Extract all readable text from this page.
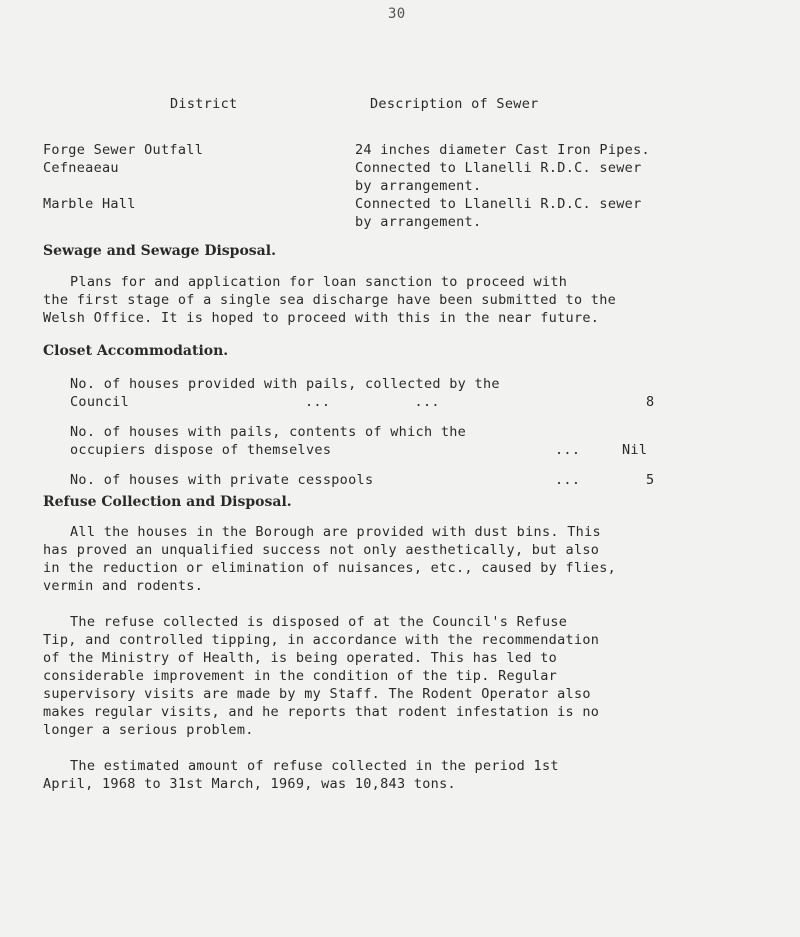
30
District	Description of Sewer
Forge Sewer Outfall	24 inches diameter Cast Iron Pipes.
Cefneaeau	Connected to Llanelli R.D.C. sewer
by arrangement.
Marble Hall	Connected to Llanelli R.D.C. sewer
by arrangement.
Sewage and Sewage Disposal.
Plans for and application for loan sanction to proceed with
the first stage of a single sea discharge have been submitted to the
Welsh Office. It is hoped to proceed with this in the near future.
Closet Accommodation.
No. of houses provided with pails, collected by the
Council	...          ...	8
No. of houses with pails, contents of which the
occupiers dispose of themselves	...	Nil
No. of houses with private cesspools	...	5
Refuse Collection and Disposal.
All the houses in the Borough are provided with dust bins. This
has proved an unqualified success not only aesthetically, but also
in the reduction or elimination of nuisances, etc., caused by flies,
vermin and rodents.
The refuse collected is disposed of at the Council's Refuse
Tip, and controlled tipping, in accordance with the recommendation
of the Ministry of Health, is being operated. This has led to
considerable improvement in the condition of the tip. Regular
supervisory visits are made by my Staff. The Rodent Operator also
makes regular visits, and he reports that rodent infestation is no
longer a serious problem.
The estimated amount of refuse collected in the period 1st
April, 1968 to 31st March, 1969, was 10,843 tons.
